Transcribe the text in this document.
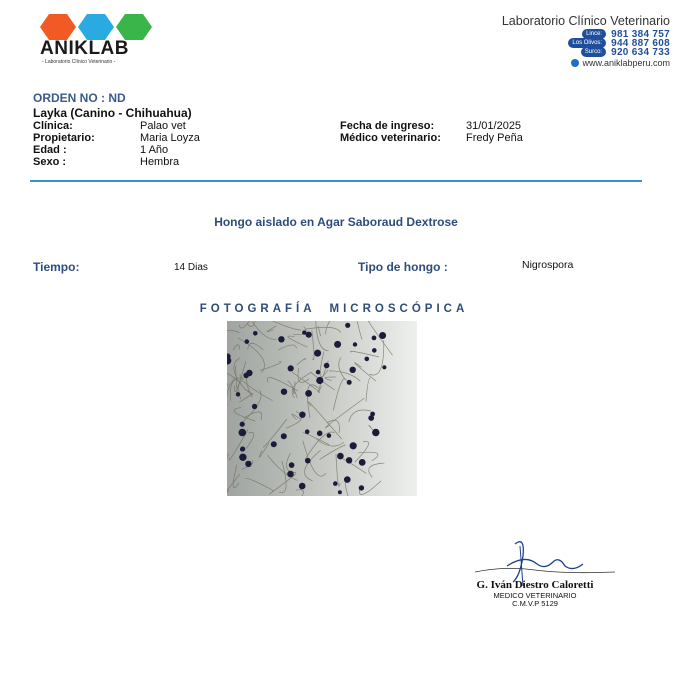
ANIKLAB
- Laboratorio Clínico Veterinario -
Laboratorio Clínico Veterinario
Lince: 981 384 757
Los Olivos: 944 887 608
Surco: 920 634 733
www.aniklabperu.com
ORDEN NO : ND
Layka (Canino - Chihuahua)
Clínica:	Palao vet
Propietario:	Maria Loyza
Edad :	1 Año
Sexo :	Hembra
Fecha de ingreso:	31/01/2025
Médico veterinario: Fredy Peña
Hongo aislado en Agar Saboraud Dextrose
Tiempo:	14 Dias	Tipo de hongo :	Nigrospora
FOTOGRAFÍA  MICROSCÓPICA
G. Iván Diestro Caloretti
MEDICO VETERINARIO
C.M.V.P 5129
